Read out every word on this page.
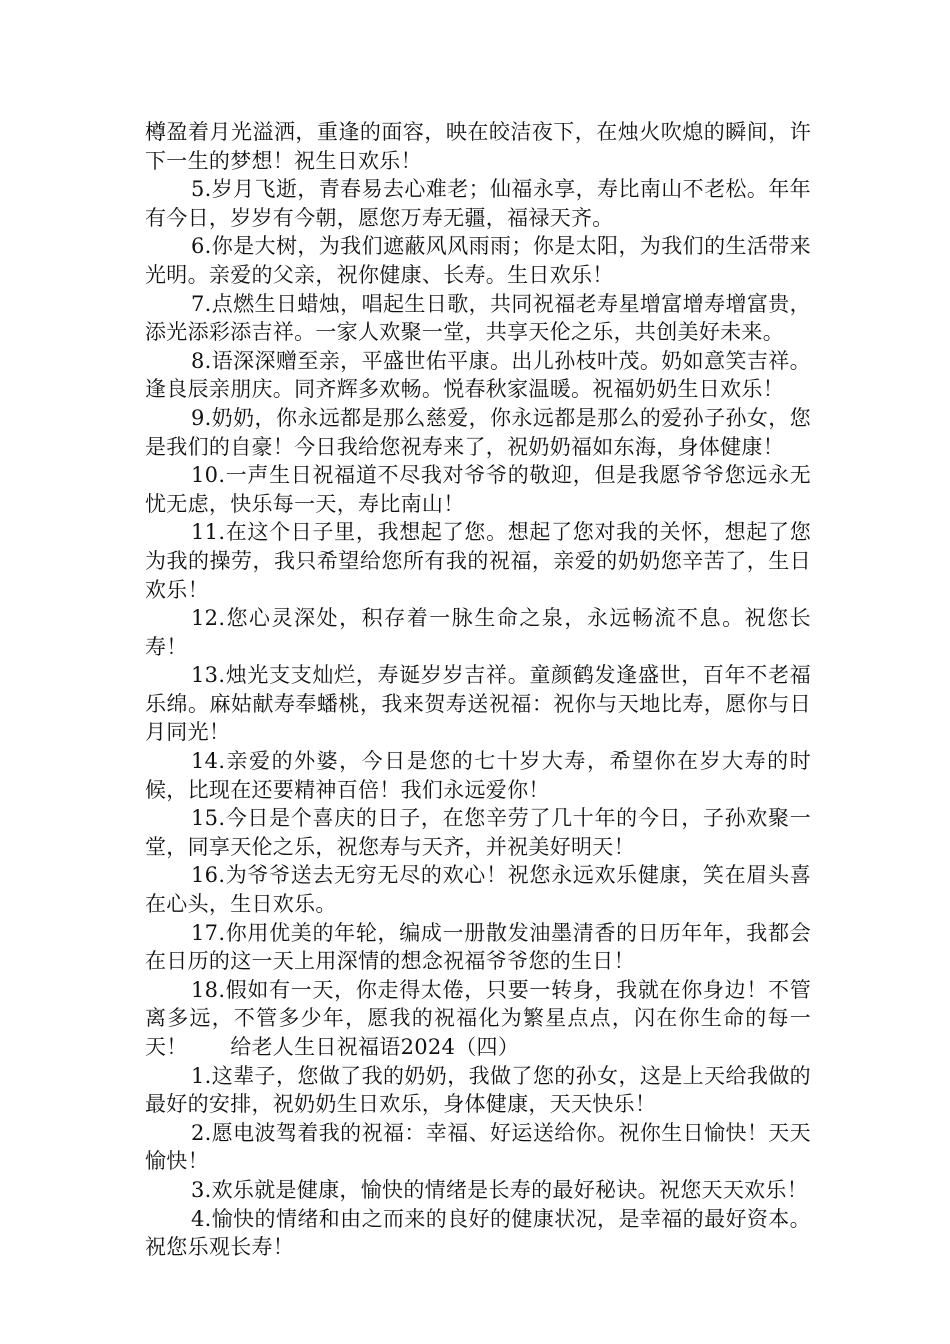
樽盈着月光溢洒，重逢的面容，映在皎洁夜下，在烛火吹熄的瞬间，许下一生的梦想！祝生日欢乐！

5.岁月飞逝，青春易去心难老；仙福永享，寿比南山不老松。年年有今日，岁岁有今朝，愿您万寿无疆，福禄天齐。

6.你是大树，为我们遮蔽风风雨雨；你是太阳，为我们的生活带来光明。亲爱的父亲，祝你健康、长寿。生日欢乐！

7.点燃生日蜡烛，唱起生日歌，共同祝福老寿星增富增寿增富贵，添光添彩添吉祥。一家人欢聚一堂，共享天伦之乐，共创美好未来。

8.语深深赠至亲，平盛世佑平康。出儿孙枝叶茂。奶如意笑吉祥。逢良辰亲朋庆。同齐辉多欢畅。悦春秋家温暖。祝福奶奶生日欢乐！

9.奶奶，你永远都是那么慈爱，你永远都是那么的爱孙子孙女，您是我们的自豪！今日我给您祝寿来了，祝奶奶福如东海，身体健康！

10.一声生日祝福道不尽我对爷爷的敬迎，但是我愿爷爷您远永无忧无虑，快乐每一天，寿比南山！

11.在这个日子里，我想起了您。想起了您对我的关怀，想起了您为我的操劳，我只希望给您所有我的祝福，亲爱的奶奶您辛苦了，生日欢乐！

12.您心灵深处，积存着一脉生命之泉，永远畅流不息。祝您长寿！

13.烛光支支灿烂，寿诞岁岁吉祥。童颜鹤发逢盛世，百年不老福乐绵。麻姑献寿奉蟠桃，我来贺寿送祝福：祝你与天地比寿，愿你与日月同光！

14.亲爱的外婆，今日是您的七十岁大寿，希望你在岁大寿的时候，比现在还要精神百倍！我们永远爱你！

15.今日是个喜庆的日子，在您辛劳了几十年的今日，子孙欢聚一堂，同享天伦之乐，祝您寿与天齐，并祝美好明天！

16.为爷爷送去无穷无尽的欢心！祝您永远欢乐健康，笑在眉头喜在心头，生日欢乐。

17.你用优美的年轮，编成一册散发油墨清香的日历年年，我都会在日历的这一天上用深情的想念祝福爷爷您的生日！

18.假如有一天，你走得太倦，只要一转身，我就在你身边！不管离多远，不管多少年，愿我的祝福化为繁星点点，闪在你生命的每一天！　　给老人生日祝福语2024（四）

1.这辈子，您做了我的奶奶，我做了您的孙女，这是上天给我做的最好的安排，祝奶奶生日欢乐，身体健康，天天快乐！

2.愿电波驾着我的祝福：幸福、好运送给你。祝你生日愉快！天天愉快！

3.欢乐就是健康，愉快的情绪是长寿的最好秘诀。祝您天天欢乐！

4.愉快的情绪和由之而来的良好的健康状况，是幸福的最好资本。祝您乐观长寿！
